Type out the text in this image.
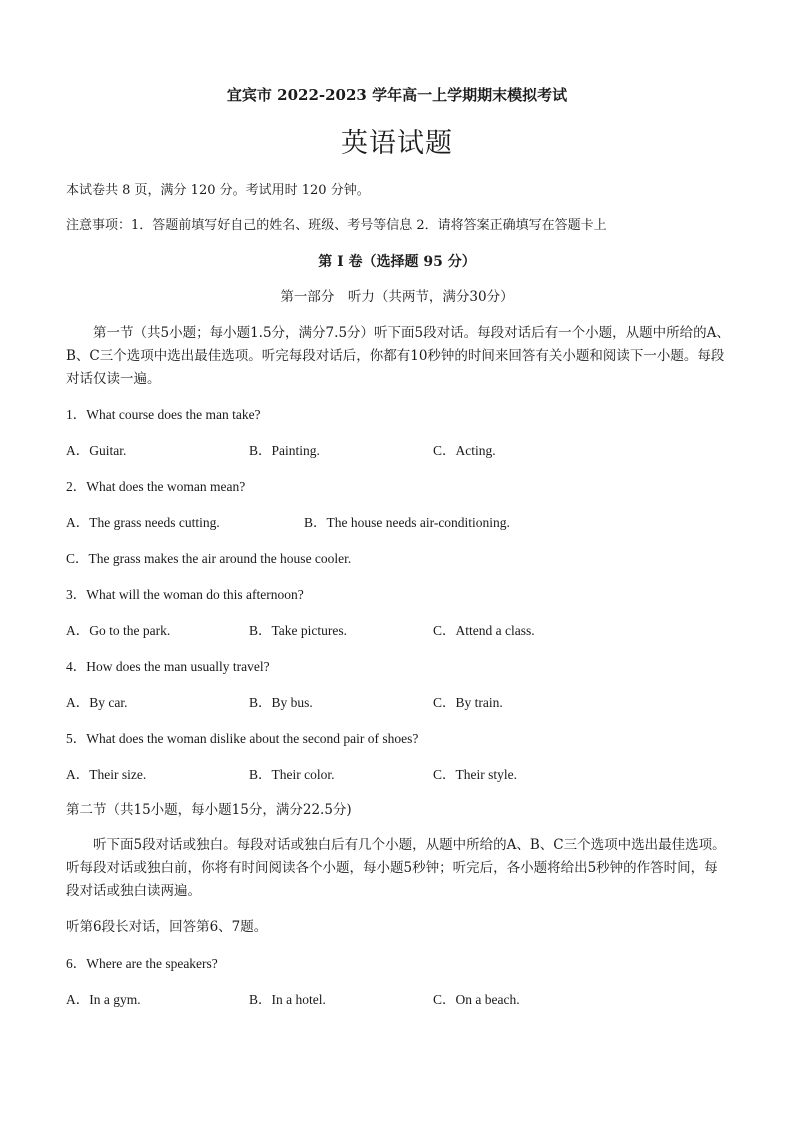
宜宾市 2022-2023 学年高一上学期期末模拟考试
英语试题
本试卷共 8 页，满分 120 分。考试用时 120 分钟。
注意事项：1．答题前填写好自己的姓名、班级、考号等信息 2．请将答案正确填写在答题卡上
第 I 卷（选择题 95 分）
第一部分　听力（共两节，满分30分）
第一节（共5小题；每小题1.5分，满分7.5分）听下面5段对话。每段对话后有一个小题，从题中所给的A、B、C三个选项中选出最佳选项。听完每段对话后，你都有10秒钟的时间来回答有关小题和阅读下一小题。每段对话仅读一遍。
1．What course does the man take?
A．Guitar.	B．Painting.	C．Acting.
2．What does the woman mean?
A．The grass needs cutting.	B．The house needs air-conditioning.
C．The grass makes the air around the house cooler.
3．What will the woman do this afternoon?
A．Go to the park.	B．Take pictures.	C．Attend a class.
4．How does the man usually travel?
A．By car.	B．By bus.	C．By train.
5．What does the woman dislike about the second pair of shoes?
A．Their size.	B．Their color.	C．Their style.
第二节（共15小题，每小题15分，满分22.5分)
听下面5段对话或独白。每段对话或独白后有几个小题，从题中所给的A、B、C三个选项中选出最佳选项。听每段对话或独白前，你将有时间阅读各个小题，每小题5秒钟；听完后，各小题将给出5秒钟的作答时间，每段对话或独白读两遍。
听第6段长对话，回答第6、7题。
6．Where are the speakers?
A．In a gym.	B．In a hotel.	C．On a beach.
